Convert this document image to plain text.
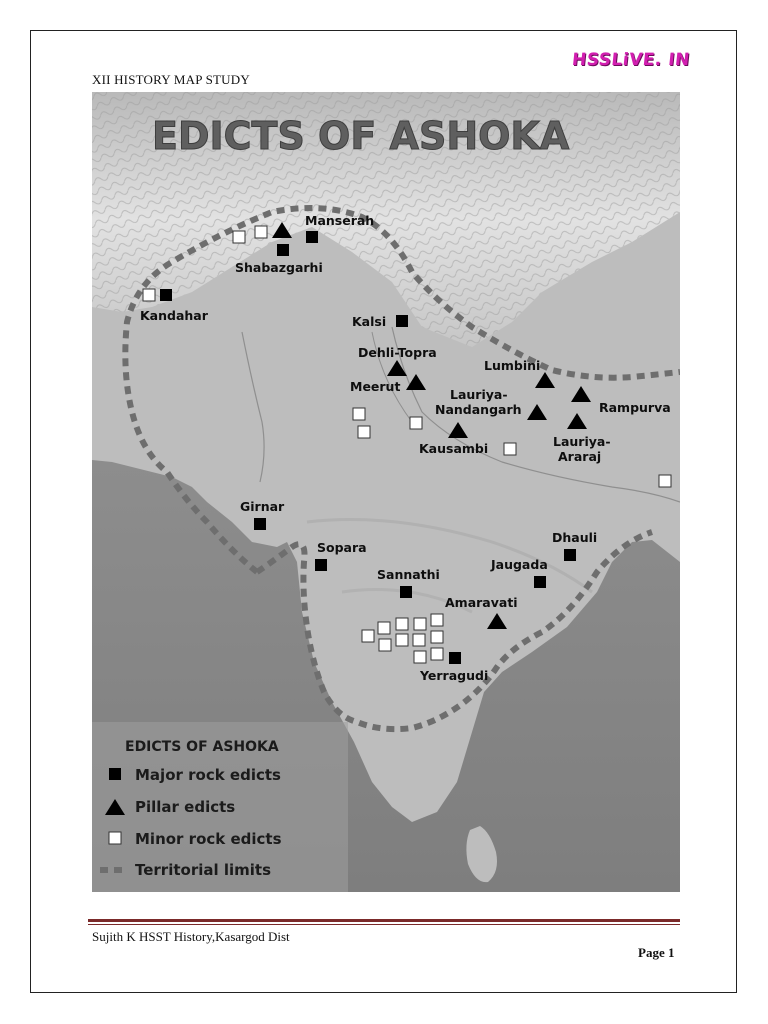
XII HISTORY MAP STUDY
HSSLiVE. IN
EDICTS OF ASHOKA
Manserah
Shabazgarhi
Kandahar	Kalsi
Dehli-Topra
Meerut
Lumbini
Lauriya-
Nandangarh	Rampurva
Kausambi	Lauriya-
Araraj
Girnar
Sopara
Dhauli
Jaugada
Sannathi
Amaravati
Yerragudi
EDICTS OF ASHOKA
Major rock edicts
Pillar edicts
Minor rock edicts
Territorial limits
Sujith K HSST History,Kasargod Dist
Page 1
